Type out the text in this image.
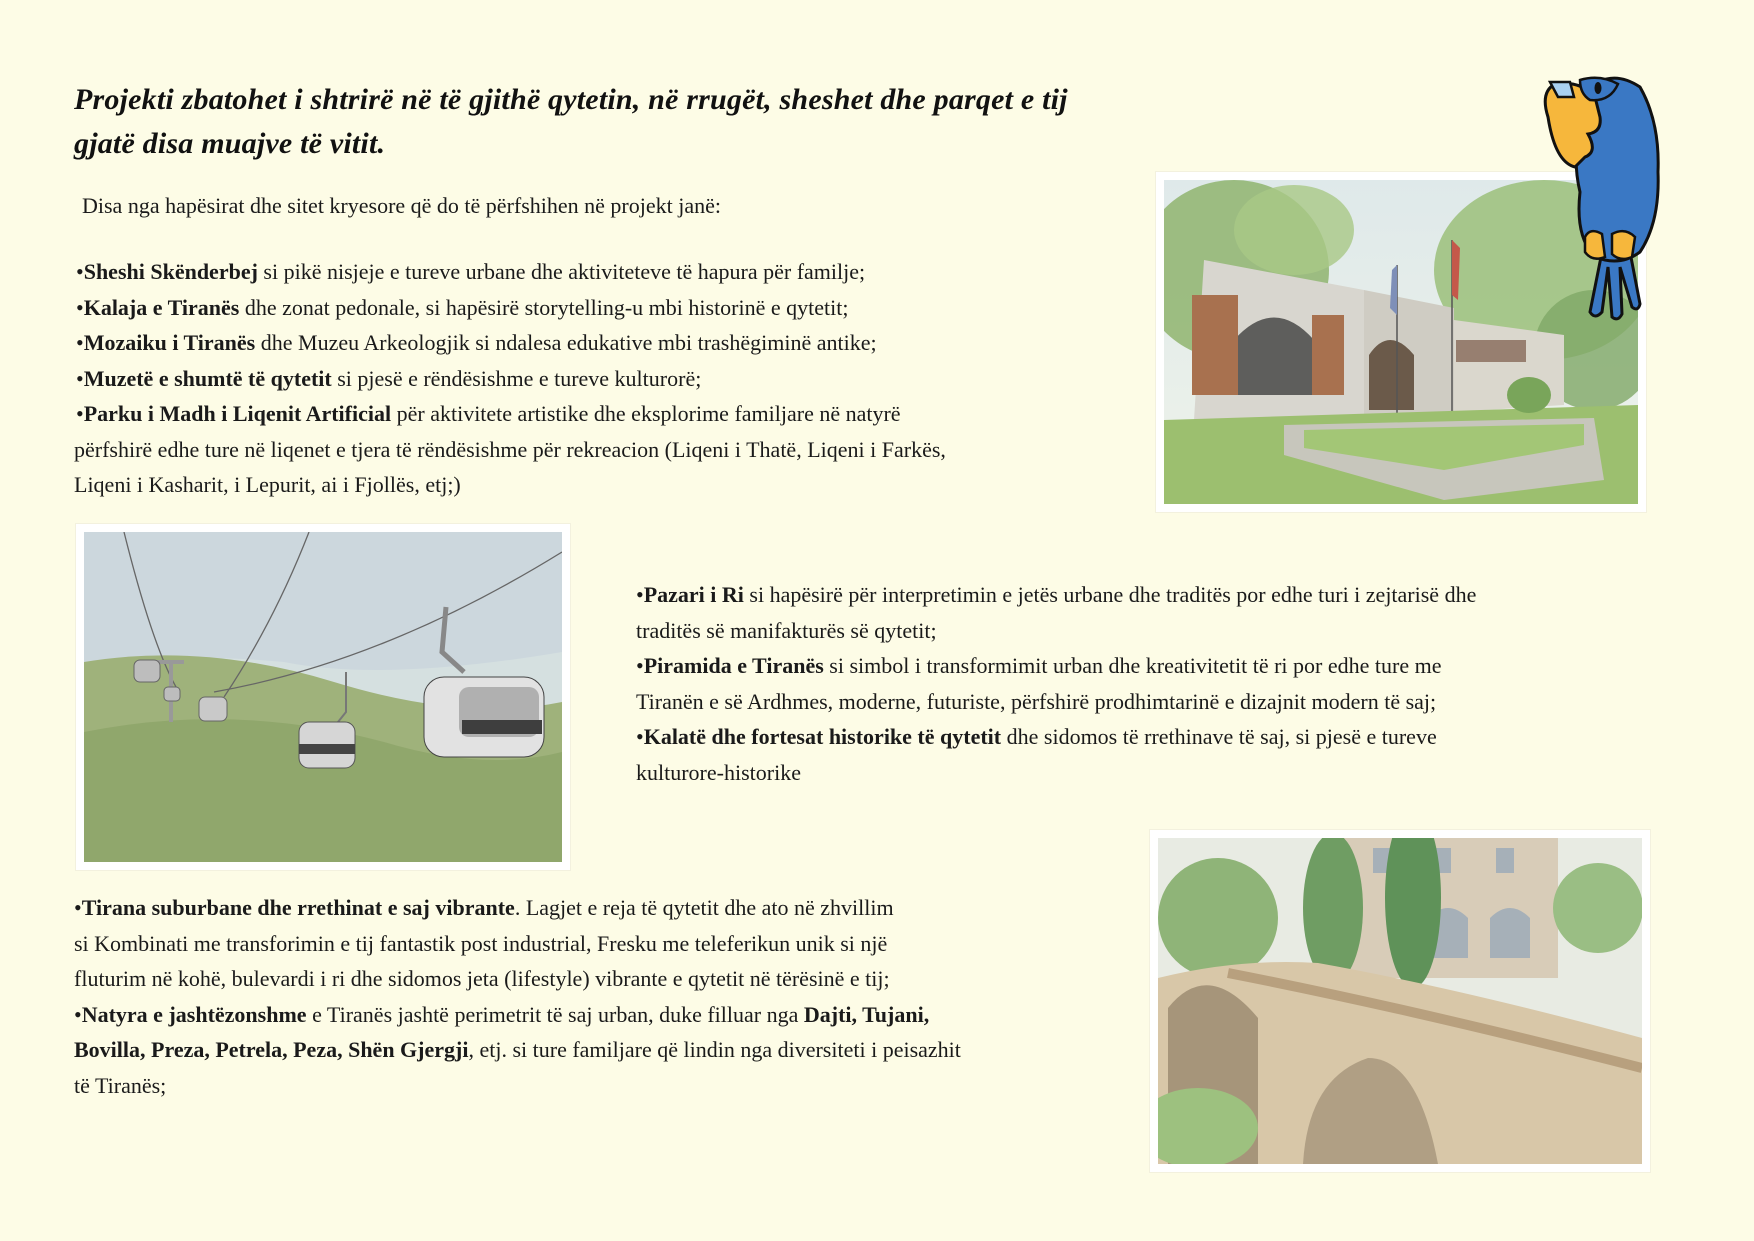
Projekti zbatohet i shtrirë në të gjithë qytetin, në rrugët, sheshet dhe parqet e tij
gjatë disa muajve të vitit.
Disa nga hapësirat dhe sitet kryesore që do të përfshihen në projekt janë:
•Sheshi Skënderbej si pikë nisjeje e tureve urbane dhe aktiviteteve të hapura për familje;
•Kalaja e Tiranës dhe zonat pedonale, si hapësirë storytelling-u mbi historinë e qytetit;
•Mozaiku i Tiranës dhe Muzeu Arkeologjik si ndalesa edukative mbi trashëgiminë antike;
•Muzetë e shumtë të qytetit si pjesë e rëndësishme e tureve kulturorë;
•Parku i Madh i Liqenit Artificial për aktivitete artistike dhe eksplorime familjare në natyrë
përfshirë edhe ture në liqenet e tjera të rëndësishme për rekreacion (Liqeni i Thatë, Liqeni i Farkës,
Liqeni i Kasharit, i Lepurit, ai i Fjollës, etj;)
•Pazari i Ri si hapësirë për interpretimin e jetës urbane dhe traditës por edhe turi i zejtarisë dhe
traditës së manifakturës së qytetit;
•Piramida e Tiranës si simbol i transformimit urban dhe kreativitetit të ri por edhe ture me
Tiranën e së Ardhmes, moderne, futuriste, përfshirë prodhimtarinë e dizajnit modern të saj;
•Kalatë dhe fortesat historike të qytetit dhe sidomos të rrethinave të saj, si pjesë e tureve
kulturore-historike
•Tirana suburbane dhe rrethinat e saj vibrante. Lagjet e reja të qytetit dhe ato në zhvillim
si Kombinati me transforimin e tij fantastik post industrial, Fresku me teleferikun unik si një
fluturim në kohë, bulevardi i ri dhe sidomos jeta (lifestyle) vibrante e qytetit në tërësinë e tij;
•Natyra e jashtëzonshme e Tiranës jashtë perimetrit të saj urban, duke filluar nga Dajti, Tujani,
Bovilla, Preza, Petrela, Peza, Shën Gjergji, etj. si ture familjare që lindin nga diversiteti i peisazhit
të Tiranës;
